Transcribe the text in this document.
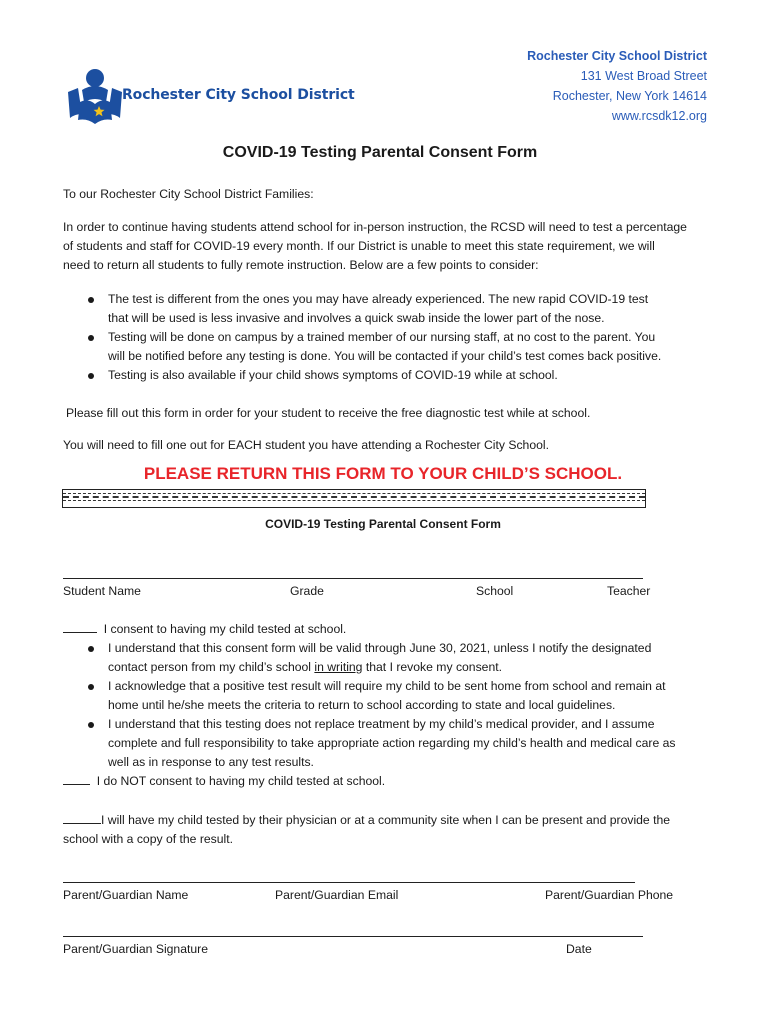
Rochester City School District
Rochester City School District
131 West Broad Street
Rochester, New York 14614
www.rcsdk12.org
COVID-19 Testing Parental Consent Form
To our Rochester City School District Families:
In order to continue having students attend school for in-person instruction, the RCSD will need to test a percentage
of students and staff for COVID-19 every month. If our District is unable to meet this state requirement, we will
need to return all students to fully remote instruction. Below are a few points to consider:
The test is different from the ones you may have already experienced. The new rapid COVID-19 test
that will be used is less invasive and involves a quick swab inside the lower part of the nose.
Testing will be done on campus by a trained member of our nursing staff, at no cost to the parent. You
will be notified before any testing is done. You will be contacted if your child’s test comes back positive.
Testing is also available if your child shows symptoms of COVID-19 while at school.
Please fill out this form in order for your student to receive the free diagnostic test while at school.
You will need to fill one out for EACH student you have attending a Rochester City School.
PLEASE RETURN THIS FORM TO YOUR CHILD’S SCHOOL.
COVID-19 Testing Parental Consent Form
Student Name	Grade	School	Teacher
I consent to having my child tested at school.
I understand that this consent form will be valid through June 30, 2021, unless I notify the designated
contact person from my child’s school in writing that I revoke my consent.
I acknowledge that a positive test result will require my child to be sent home from school and remain at
home until he/she meets the criteria to return to school according to state and local guidelines.
I understand that this testing does not replace treatment by my child’s medical provider, and I assume
complete and full responsibility to take appropriate action regarding my child’s health and medical care as
well as in response to any test results.
I do NOT consent to having my child tested at school.
I will have my child tested by their physician or at a community site when I can be present and provide the
school with a copy of the result.
Parent/Guardian Name	Parent/Guardian Email	Parent/Guardian Phone
Parent/Guardian Signature	Date
